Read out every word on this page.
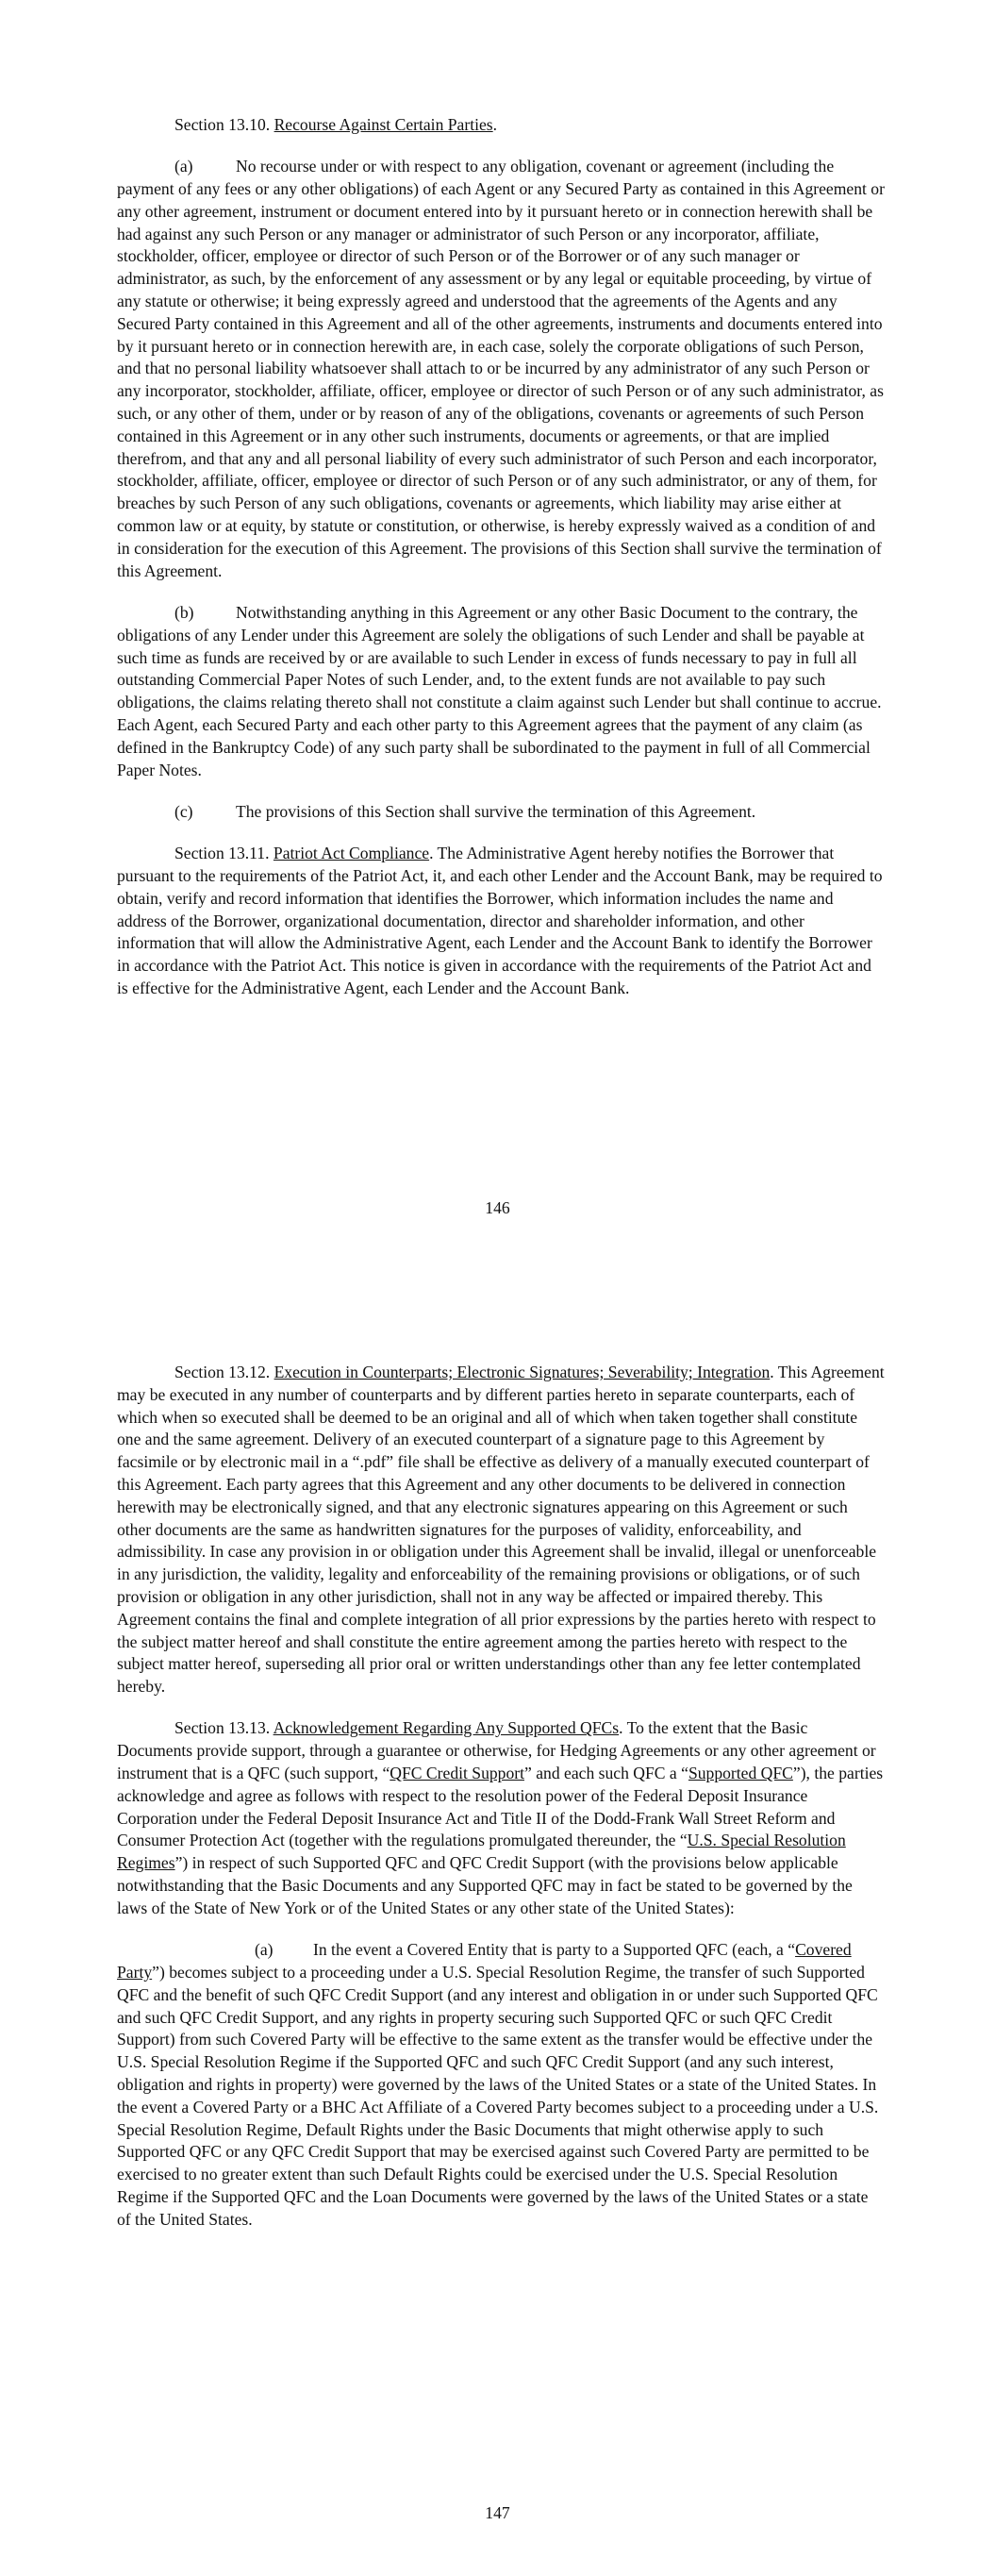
Section 13.10. Recourse Against Certain Parties.

(a)	No recourse under or with respect to any obligation, covenant or agreement (including the payment of any fees or any other obligations) of each Agent or any Secured Party as contained in this Agreement or any other agreement, instrument or document entered into by it pursuant hereto or in connection herewith shall be had against any such Person or any manager or administrator of such Person or any incorporator, affiliate, stockholder, officer, employee or director of such Person or of the Borrower or of any such manager or administrator, as such, by the enforcement of any assessment or by any legal or equitable proceeding, by virtue of any statute or otherwise; it being expressly agreed and understood that the agreements of the Agents and any Secured Party contained in this Agreement and all of the other agreements, instruments and documents entered into by it pursuant hereto or in connection herewith are, in each case, solely the corporate obligations of such Person, and that no personal liability whatsoever shall attach to or be incurred by any administrator of any such Person or any incorporator, stockholder, affiliate, officer, employee or director of such Person or of any such administrator, as such, or any other of them, under or by reason of any of the obligations, covenants or agreements of such Person contained in this Agreement or in any other such instruments, documents or agreements, or that are implied therefrom, and that any and all personal liability of every such administrator of such Person and each incorporator, stockholder, affiliate, officer, employee or director of such Person or of any such administrator, or any of them, for breaches by such Person of any such obligations, covenants or agreements, which liability may arise either at common law or at equity, by statute or constitution, or otherwise, is hereby expressly waived as a condition of and in consideration for the execution of this Agreement. The provisions of this Section shall survive the termination of this Agreement.

(b)	Notwithstanding anything in this Agreement or any other Basic Document to the contrary, the obligations of any Lender under this Agreement are solely the obligations of such Lender and shall be payable at such time as funds are received by or are available to such Lender in excess of funds necessary to pay in full all outstanding Commercial Paper Notes of such Lender, and, to the extent funds are not available to pay such obligations, the claims relating thereto shall not constitute a claim against such Lender but shall continue to accrue. Each Agent, each Secured Party and each other party to this Agreement agrees that the payment of any claim (as defined in the Bankruptcy Code) of any such party shall be subordinated to the payment in full of all Commercial Paper Notes.

(c)	The provisions of this Section shall survive the termination of this Agreement.

Section 13.11. Patriot Act Compliance. The Administrative Agent hereby notifies the Borrower that pursuant to the requirements of the Patriot Act, it, and each other Lender and the Account Bank, may be required to obtain, verify and record information that identifies the Borrower, which information includes the name and address of the Borrower, organizational documentation, director and shareholder information, and other information that will allow the Administrative Agent, each Lender and the Account Bank to identify the Borrower in accordance with the Patriot Act. This notice is given in accordance with the requirements of the Patriot Act and is effective for the Administrative Agent, each Lender and the Account Bank.

146

Section 13.12. Execution in Counterparts; Electronic Signatures; Severability; Integration. This Agreement may be executed in any number of counterparts and by different parties hereto in separate counterparts, each of which when so executed shall be deemed to be an original and all of which when taken together shall constitute one and the same agreement. Delivery of an executed counterpart of a signature page to this Agreement by facsimile or by electronic mail in a “.pdf” file shall be effective as delivery of a manually executed counterpart of this Agreement. Each party agrees that this Agreement and any other documents to be delivered in connection herewith may be electronically signed, and that any electronic signatures appearing on this Agreement or such other documents are the same as handwritten signatures for the purposes of validity, enforceability, and admissibility. In case any provision in or obligation under this Agreement shall be invalid, illegal or unenforceable in any jurisdiction, the validity, legality and enforceability of the remaining provisions or obligations, or of such provision or obligation in any other jurisdiction, shall not in any way be affected or impaired thereby. This Agreement contains the final and complete integration of all prior expressions by the parties hereto with respect to the subject matter hereof and shall constitute the entire agreement among the parties hereto with respect to the subject matter hereof, superseding all prior oral or written understandings other than any fee letter contemplated hereby.

Section 13.13. Acknowledgement Regarding Any Supported QFCs. To the extent that the Basic Documents provide support, through a guarantee or otherwise, for Hedging Agreements or any other agreement or instrument that is a QFC (such support, “QFC Credit Support” and each such QFC a “Supported QFC”), the parties acknowledge and agree as follows with respect to the resolution power of the Federal Deposit Insurance Corporation under the Federal Deposit Insurance Act and Title II of the Dodd-Frank Wall Street Reform and Consumer Protection Act (together with the regulations promulgated thereunder, the “U.S. Special Resolution Regimes”) in respect of such Supported QFC and QFC Credit Support (with the provisions below applicable notwithstanding that the Basic Documents and any Supported QFC may in fact be stated to be governed by the laws of the State of New York or of the United States or any other state of the United States):

(a) In the event a Covered Entity that is party to a Supported QFC (each, a “Covered Party”) becomes subject to a proceeding under a U.S. Special Resolution Regime, the transfer of such Supported QFC and the benefit of such QFC Credit Support (and any interest and obligation in or under such Supported QFC and such QFC Credit Support, and any rights in property securing such Supported QFC or such QFC Credit Support) from such Covered Party will be effective to the same extent as the transfer would be effective under the U.S. Special Resolution Regime if the Supported QFC and such QFC Credit Support (and any such interest, obligation and rights in property) were governed by the laws of the United States or a state of the United States. In the event a Covered Party or a BHC Act Affiliate of a Covered Party becomes subject to a proceeding under a U.S. Special Resolution Regime, Default Rights under the Basic Documents that might otherwise apply to such Supported QFC or any QFC Credit Support that may be exercised against such Covered Party are permitted to be exercised to no greater extent than such Default Rights could be exercised under the U.S. Special Resolution Regime if the Supported QFC and the Loan Documents were governed by the laws of the United States or a state of the United States.

147
